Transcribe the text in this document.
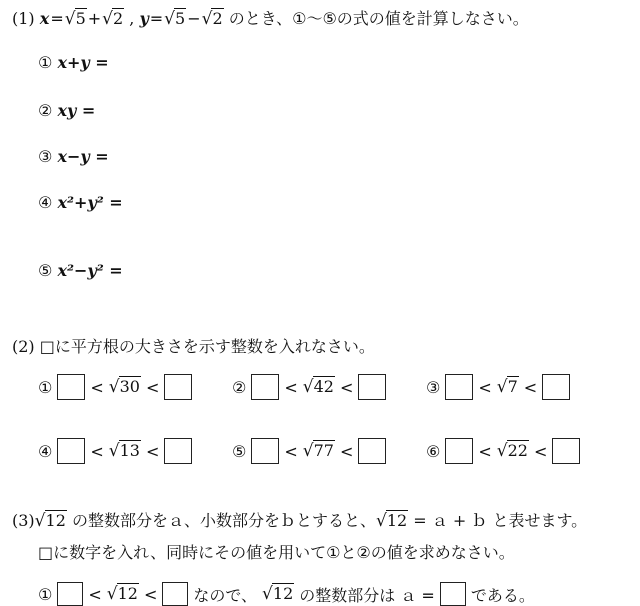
(1) x=√5 +√2 , y=√5 −√2 のとき、①～⑤の式の値を計算しなさい。
① x+y =
② xy =
③ x−y =
④ x²+y² =
⑤ x²−y² =
(2) □に平方根の大きさを示す整数を入れなさい。
① < √30 <	② < √42 <	③ < √7 <
④ < √13 <	⑤ < √77 <	⑥ < √22 <
(3)√12 の整数部分をａ、小数部分をｂとすると、√12 = ａ + ｂ と表せます。
□に数字を入れ、同時にその値を用いて①と②の値を求めなさい。
① < √12 < なので、 √12 の整数部分は ａ = である。
